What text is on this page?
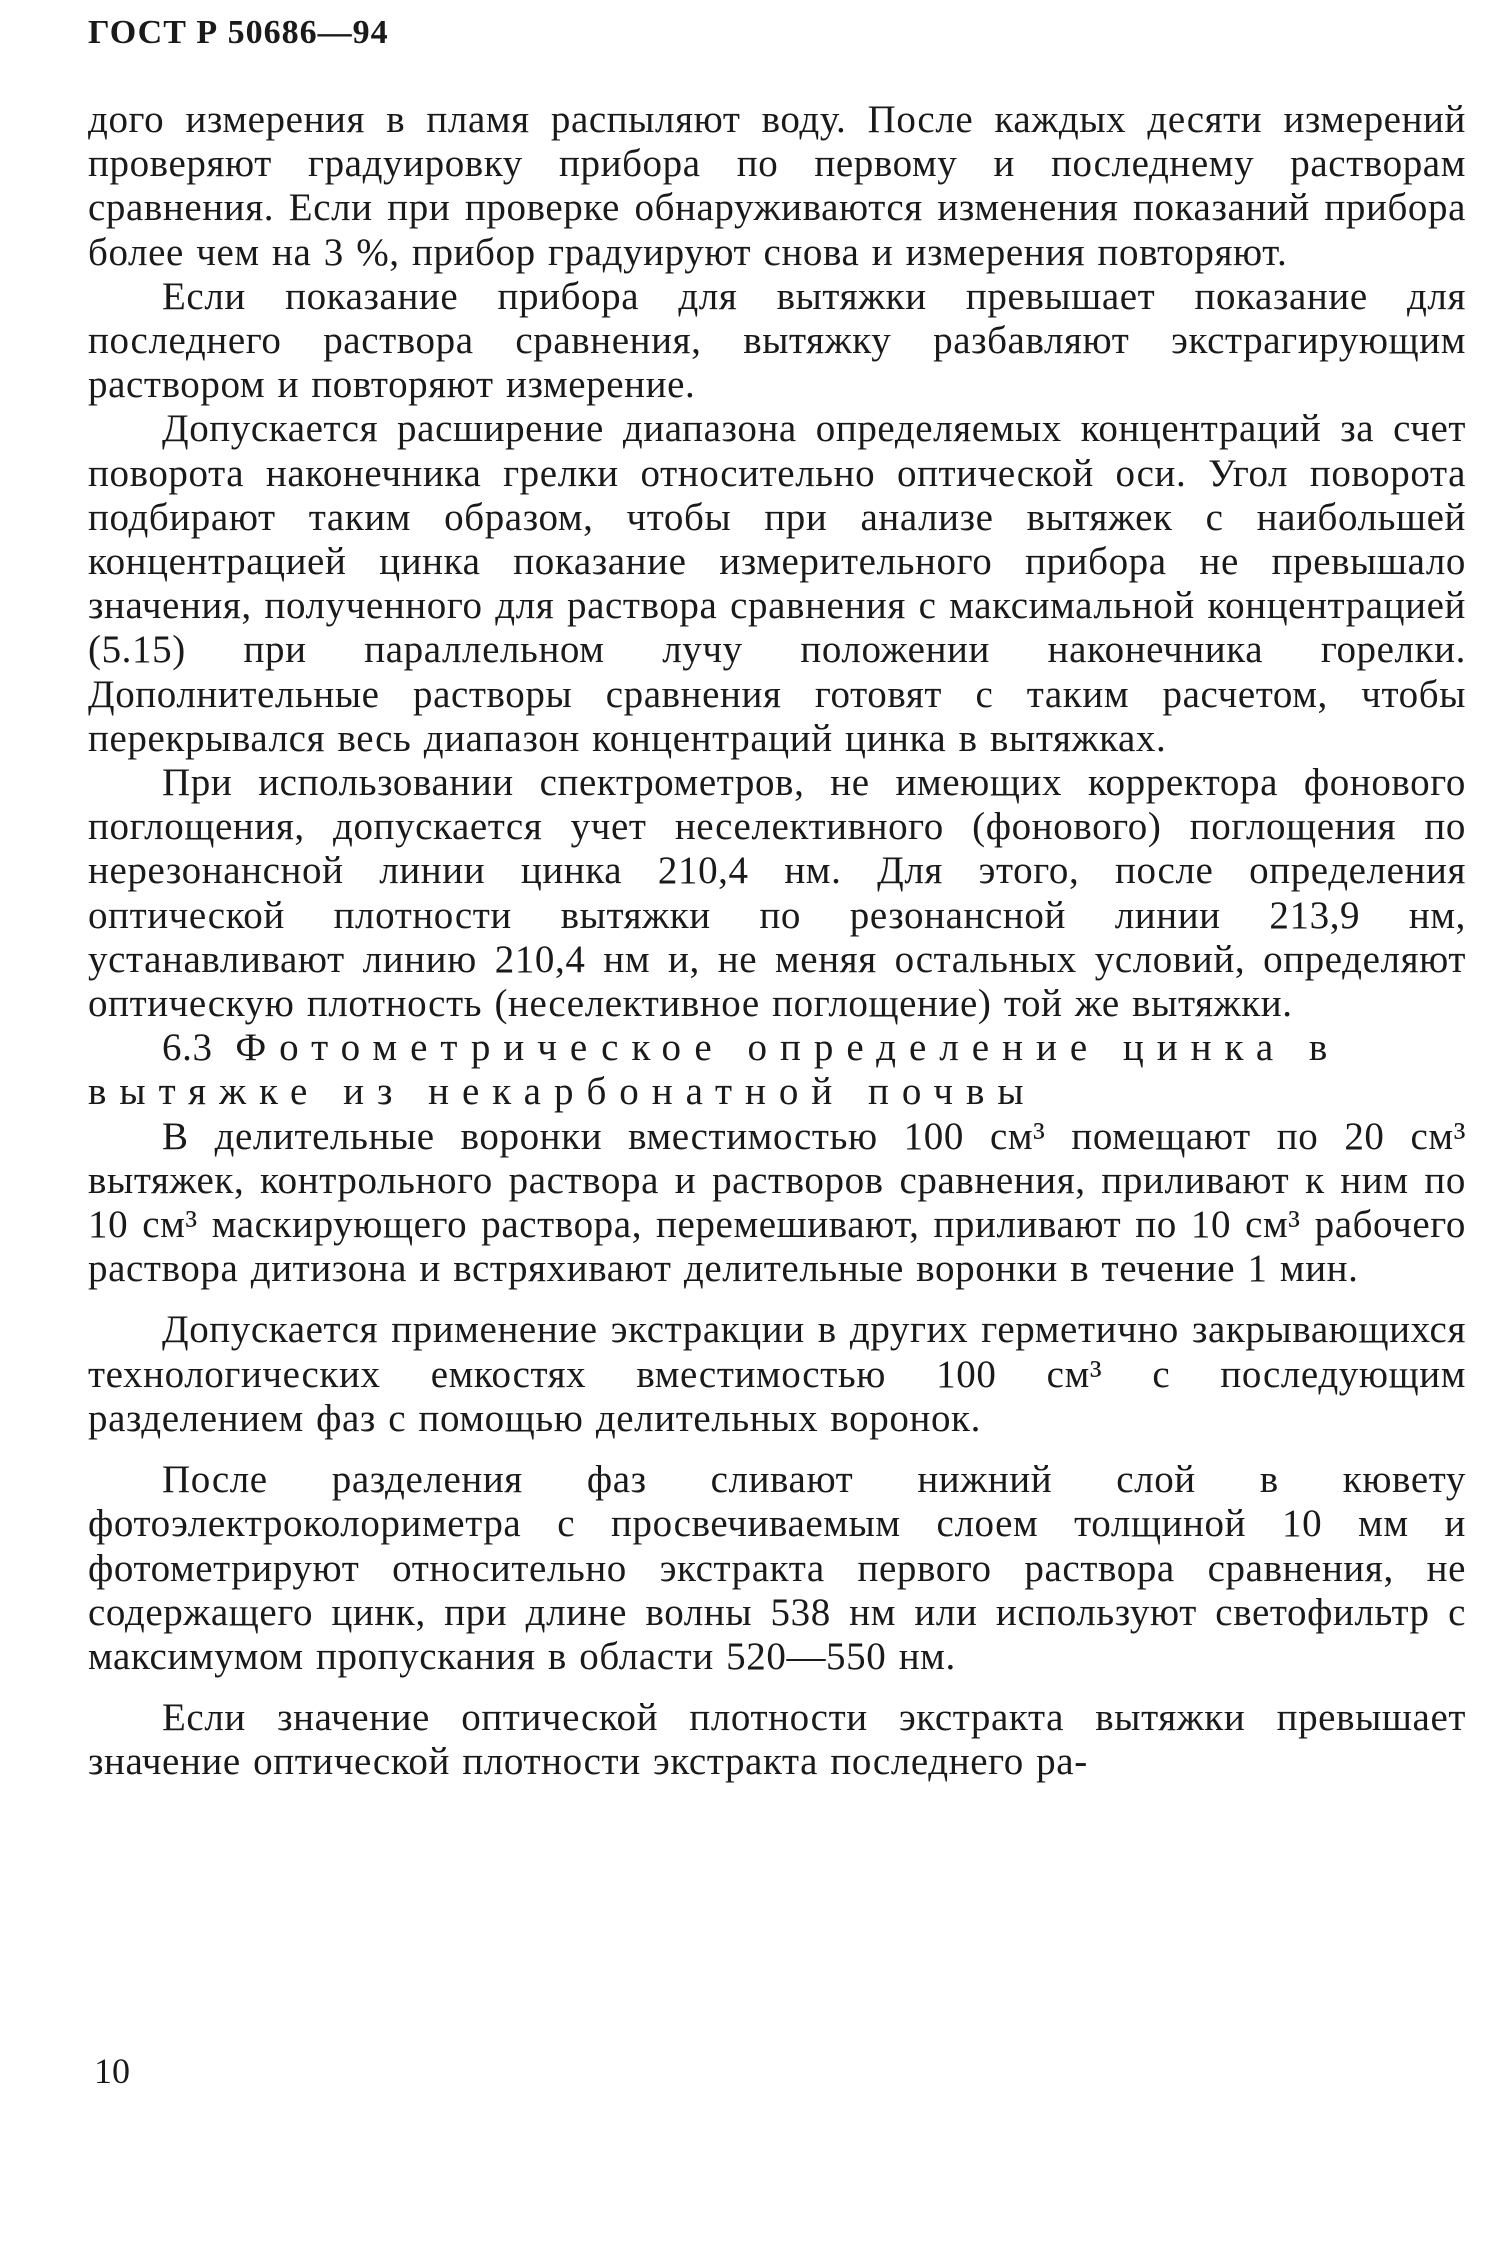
ГОСТ Р 50686—94

дого измерения в пламя распыляют воду. После каждых десяти измерений проверяют градуировку прибора по первому и последнему растворам сравнения. Если при проверке обнаруживаются изменения показаний прибора более чем на 3 %, прибор градуируют снова и измерения повторяют.

Если показание прибора для вытяжки превышает показание для последнего раствора сравнения, вытяжку разбавляют экстрагирующим раствором и повторяют измерение.

Допускается расширение диапазона определяемых концентраций за счет поворота наконечника грелки относительно оптической оси. Угол поворота подбирают таким образом, чтобы при анализе вытяжек с наибольшей концентрацией цинка показание измерительного прибора не превышало значения, полученного для раствора сравнения с максимальной концентрацией (5.15) при параллельном лучу положении наконечника горелки. Дополнительные растворы сравнения готовят с таким расчетом, чтобы перекрывался весь диапазон концентраций цинка в вытяжках.

При использовании спектрометров, не имеющих корректора фонового поглощения, допускается учет неселективного (фонового) поглощения по нерезонансной линии цинка 210,4 нм. Для этого, после определения оптической плотности вытяжки по резонансной линии 213,9 нм, устанавливают линию 210,4 нм и, не меняя остальных условий, определяют оптическую плотность (неселективное поглощение) той же вытяжки.

6.3 Фотометрическое определение цинка в вытяжке из некарбонатной почвы

В делительные воронки вместимостью 100 см³ помещают по 20 см³ вытяжек, контрольного раствора и растворов сравнения, приливают к ним по 10 см³ маскирующего раствора, перемешивают, приливают по 10 см³ рабочего раствора дитизона и встряхивают делительные воронки в течение 1 мин.

Допускается применение экстракции в других герметично закрывающихся технологических емкостях вместимостью 100 см³ с последующим разделением фаз с помощью делительных воронок.

После разделения фаз сливают нижний слой в кювету фотоэлектроколориметра с просвечиваемым слоем толщиной 10 мм и фотометрируют относительно экстракта первого раствора сравнения, не содержащего цинк, при длине волны 538 нм или используют светофильтр с максимумом пропускания в области 520—550 нм.

Если значение оптической плотности экстракта вытяжки превышает значение оптической плотности экстракта последнего ра-

10
